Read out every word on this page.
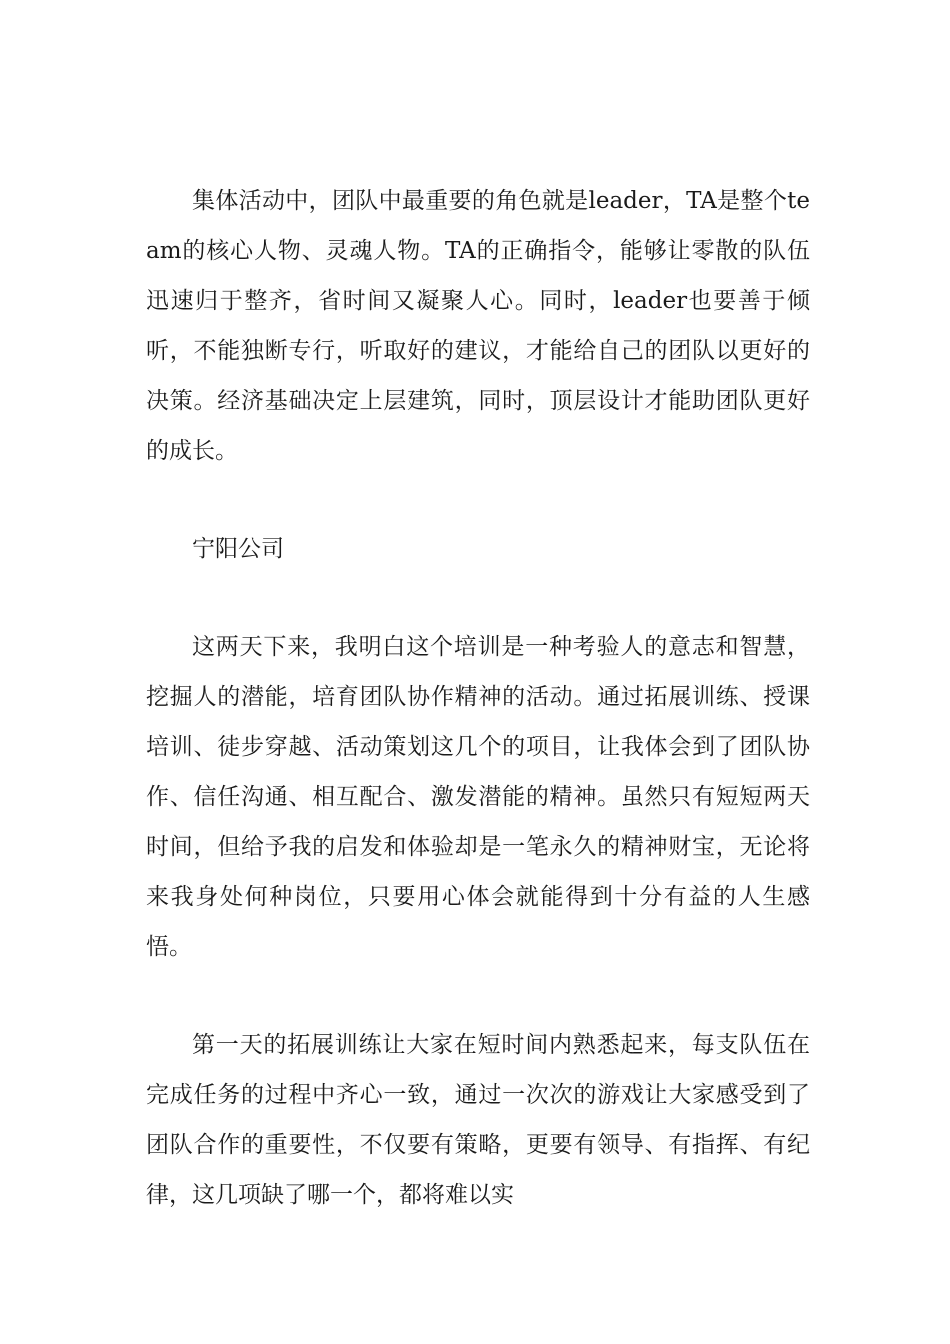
集体活动中，团队中最重要的角色就是leader，TA是整个team的核心人物、灵魂人物。TA的正确指令，能够让零散的队伍迅速归于整齐，省时间又凝聚人心。同时，leader也要善于倾听，不能独断专行，听取好的建议，才能给自己的团队以更好的决策。经济基础决定上层建筑，同时，顶层设计才能助团队更好的成长。

宁阳公司

这两天下来，我明白这个培训是一种考验人的意志和智慧，挖掘人的潜能，培育团队协作精神的活动。通过拓展训练、授课培训、徒步穿越、活动策划这几个的项目，让我体会到了团队协作、信任沟通、相互配合、激发潜能的精神。虽然只有短短两天时间，但给予我的启发和体验却是一笔永久的精神财宝，无论将来我身处何种岗位，只要用心体会就能得到十分有益的人生感悟。

第一天的拓展训练让大家在短时间内熟悉起来，每支队伍在完成任务的过程中齐心一致，通过一次次的游戏让大家感受到了团队合作的重要性，不仅要有策略，更要有领导、有指挥、有纪律，这几项缺了哪一个，都将难以实
